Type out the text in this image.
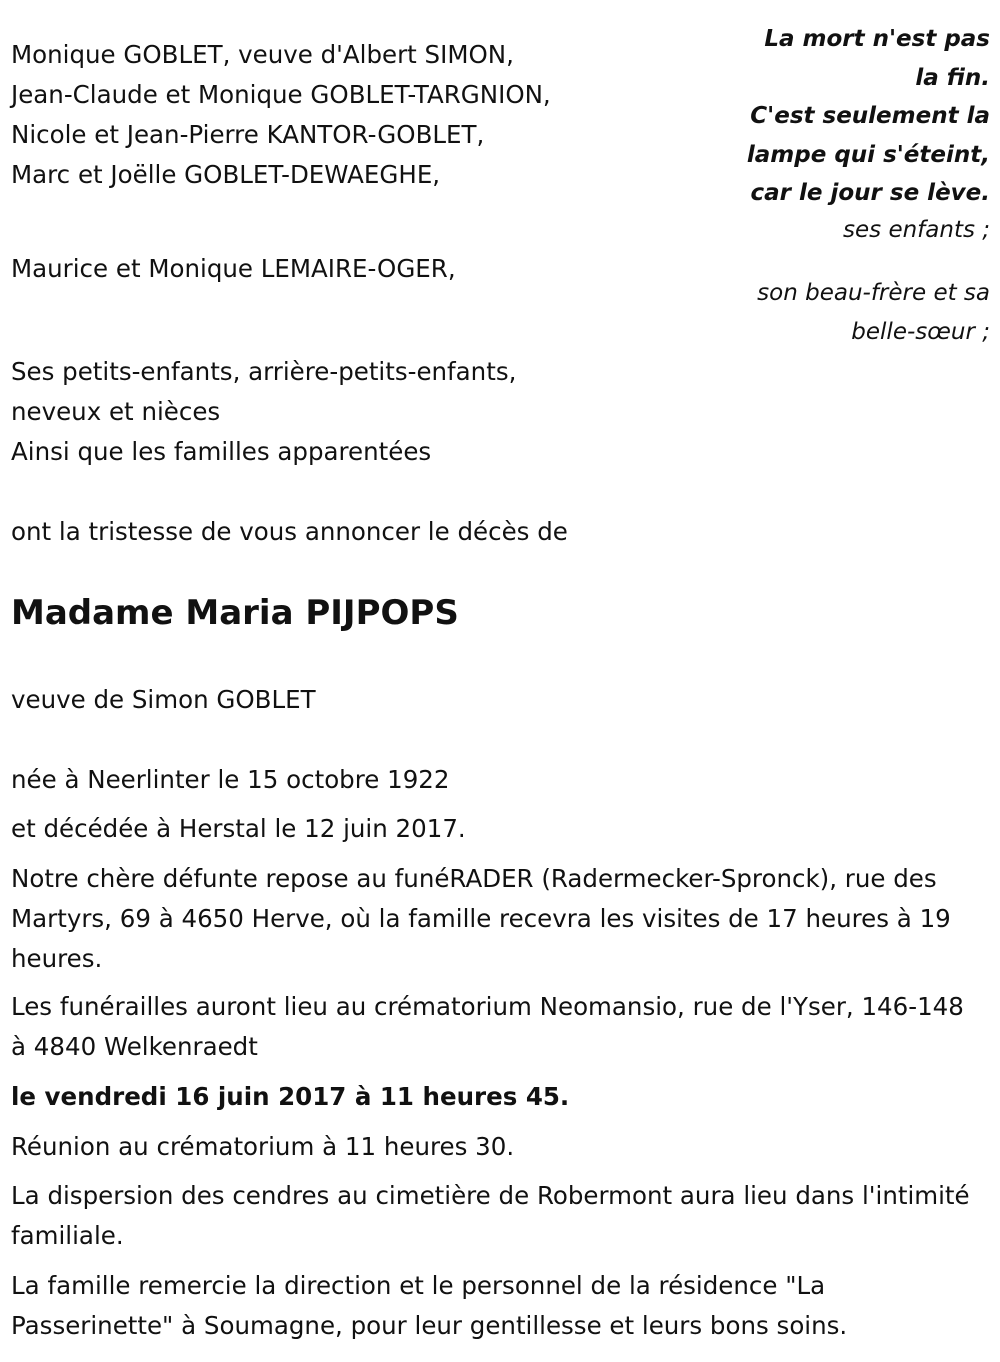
Monique GOBLET, veuve d'Albert SIMON,
Jean-Claude et Monique GOBLET-TARGNION,
Nicole et Jean-Pierre KANTOR-GOBLET,
Marc et Joëlle GOBLET-DEWAEGHE,
Maurice et Monique LEMAIRE-OGER,
Ses petits-enfants, arrière-petits-enfants,
neveux et nièces
Ainsi que les familles apparentées
ont la tristesse de vous annoncer le décès de
Madame Maria PIJPOPS
veuve de Simon GOBLET
née à Neerlinter le 15 octobre 1922
et décédée à Herstal le 12 juin 2017.

Notre chère défunte repose au funéRADER (Radermecker-Spronck), rue des Martyrs, 69 à 4650 Herve, où la famille recevra les visites de 17 heures à 19 heures.

Les funérailles auront lieu au crématorium Neomansio, rue de l'Yser, 146-148 à 4840 Welkenraedt

le vendredi 16 juin 2017 à 11 heures 45.
Réunion au crématorium à 11 heures 30.

La dispersion des cendres au cimetière de Robermont aura lieu dans l'intimité familiale.

La famille remercie la direction et le personnel de la résidence "La Passerinette" à Soumagne, pour leur gentillesse et leurs bons soins.

La mort n'est pas
la fin.
C'est seulement la
lampe qui s'éteint,
car le jour se lève.
ses enfants ;
son beau-frère et sa
belle-sœur ;
